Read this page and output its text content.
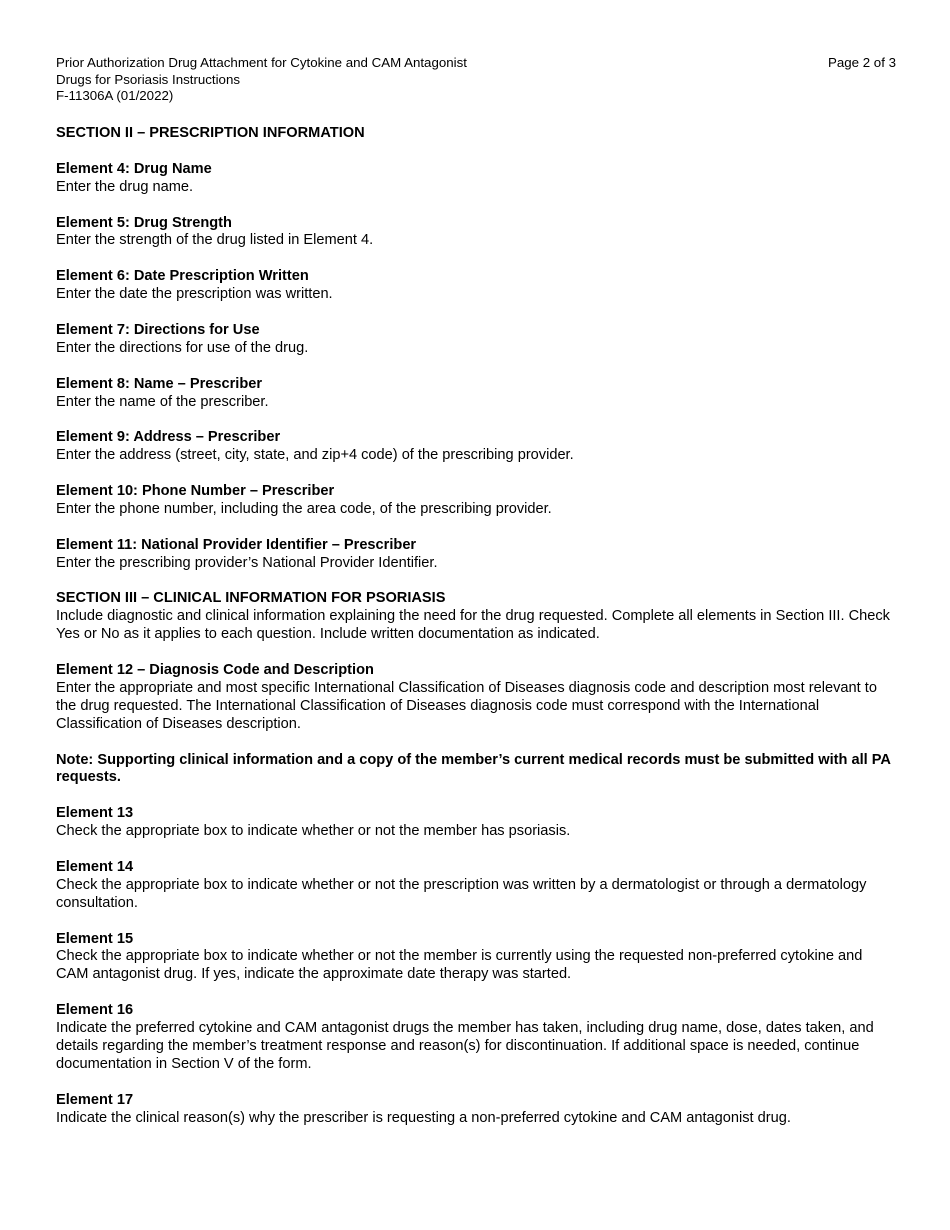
Prior Authorization Drug Attachment for Cytokine and CAM Antagonist
Drugs for Psoriasis Instructions
F-11306A (01/2022)
Page 2 of 3
SECTION II – PRESCRIPTION INFORMATION
Element 4: Drug Name
Enter the drug name.
Element 5: Drug Strength
Enter the strength of the drug listed in Element 4.
Element 6: Date Prescription Written
Enter the date the prescription was written.
Element 7: Directions for Use
Enter the directions for use of the drug.
Element 8: Name – Prescriber
Enter the name of the prescriber.
Element 9: Address – Prescriber
Enter the address (street, city, state, and zip+4 code) of the prescribing provider.
Element 10: Phone Number – Prescriber
Enter the phone number, including the area code, of the prescribing provider.
Element 11: National Provider Identifier – Prescriber
Enter the prescribing provider’s National Provider Identifier.
SECTION III – CLINICAL INFORMATION FOR PSORIASIS
Include diagnostic and clinical information explaining the need for the drug requested. Complete all elements in Section III. Check Yes or No as it applies to each question. Include written documentation as indicated.
Element 12 – Diagnosis Code and Description
Enter the appropriate and most specific International Classification of Diseases diagnosis code and description most relevant to the drug requested. The International Classification of Diseases diagnosis code must correspond with the International Classification of Diseases description.
Note: Supporting clinical information and a copy of the member’s current medical records must be submitted with all PA requests.
Element 13
Check the appropriate box to indicate whether or not the member has psoriasis.
Element 14
Check the appropriate box to indicate whether or not the prescription was written by a dermatologist or through a dermatology consultation.
Element 15
Check the appropriate box to indicate whether or not the member is currently using the requested non-preferred cytokine and CAM antagonist drug. If yes, indicate the approximate date therapy was started.
Element 16
Indicate the preferred cytokine and CAM antagonist drugs the member has taken, including drug name, dose, dates taken, and details regarding the member’s treatment response and reason(s) for discontinuation. If additional space is needed, continue documentation in Section V of the form.
Element 17
Indicate the clinical reason(s) why the prescriber is requesting a non-preferred cytokine and CAM antagonist drug.
